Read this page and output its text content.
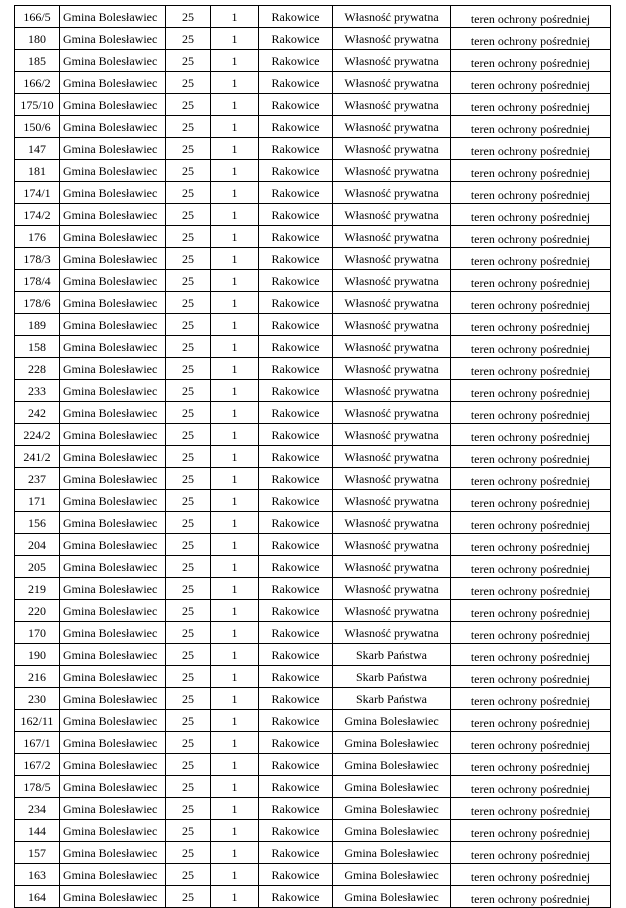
166/5	Gmina Bolesławiec	25	1	Rakowice	Własność prywatna	teren ochrony pośredniej
180	Gmina Bolesławiec	25	1	Rakowice	Własność prywatna	teren ochrony pośredniej
185	Gmina Bolesławiec	25	1	Rakowice	Własność prywatna	teren ochrony pośredniej
166/2	Gmina Bolesławiec	25	1	Rakowice	Własność prywatna	teren ochrony pośredniej
175/10	Gmina Bolesławiec	25	1	Rakowice	Własność prywatna	teren ochrony pośredniej
150/6	Gmina Bolesławiec	25	1	Rakowice	Własność prywatna	teren ochrony pośredniej
147	Gmina Bolesławiec	25	1	Rakowice	Własność prywatna	teren ochrony pośredniej
181	Gmina Bolesławiec	25	1	Rakowice	Własność prywatna	teren ochrony pośredniej
174/1	Gmina Bolesławiec	25	1	Rakowice	Własność prywatna	teren ochrony pośredniej
174/2	Gmina Bolesławiec	25	1	Rakowice	Własność prywatna	teren ochrony pośredniej
176	Gmina Bolesławiec	25	1	Rakowice	Własność prywatna	teren ochrony pośredniej
178/3	Gmina Bolesławiec	25	1	Rakowice	Własność prywatna	teren ochrony pośredniej
178/4	Gmina Bolesławiec	25	1	Rakowice	Własność prywatna	teren ochrony pośredniej
178/6	Gmina Bolesławiec	25	1	Rakowice	Własność prywatna	teren ochrony pośredniej
189	Gmina Bolesławiec	25	1	Rakowice	Własność prywatna	teren ochrony pośredniej
158	Gmina Bolesławiec	25	1	Rakowice	Własność prywatna	teren ochrony pośredniej
228	Gmina Bolesławiec	25	1	Rakowice	Własność prywatna	teren ochrony pośredniej
233	Gmina Bolesławiec	25	1	Rakowice	Własność prywatna	teren ochrony pośredniej
242	Gmina Bolesławiec	25	1	Rakowice	Własność prywatna	teren ochrony pośredniej
224/2	Gmina Bolesławiec	25	1	Rakowice	Własność prywatna	teren ochrony pośredniej
241/2	Gmina Bolesławiec	25	1	Rakowice	Własność prywatna	teren ochrony pośredniej
237	Gmina Bolesławiec	25	1	Rakowice	Własność prywatna	teren ochrony pośredniej
171	Gmina Bolesławiec	25	1	Rakowice	Własność prywatna	teren ochrony pośredniej
156	Gmina Bolesławiec	25	1	Rakowice	Własność prywatna	teren ochrony pośredniej
204	Gmina Bolesławiec	25	1	Rakowice	Własność prywatna	teren ochrony pośredniej
205	Gmina Bolesławiec	25	1	Rakowice	Własność prywatna	teren ochrony pośredniej
219	Gmina Bolesławiec	25	1	Rakowice	Własność prywatna	teren ochrony pośredniej
220	Gmina Bolesławiec	25	1	Rakowice	Własność prywatna	teren ochrony pośredniej
170	Gmina Bolesławiec	25	1	Rakowice	Własność prywatna	teren ochrony pośredniej
190	Gmina Bolesławiec	25	1	Rakowice	Skarb Państwa	teren ochrony pośredniej
216	Gmina Bolesławiec	25	1	Rakowice	Skarb Państwa	teren ochrony pośredniej
230	Gmina Bolesławiec	25	1	Rakowice	Skarb Państwa	teren ochrony pośredniej
162/11	Gmina Bolesławiec	25	1	Rakowice	Gmina Bolesławiec	teren ochrony pośredniej
167/1	Gmina Bolesławiec	25	1	Rakowice	Gmina Bolesławiec	teren ochrony pośredniej
167/2	Gmina Bolesławiec	25	1	Rakowice	Gmina Bolesławiec	teren ochrony pośredniej
178/5	Gmina Bolesławiec	25	1	Rakowice	Gmina Bolesławiec	teren ochrony pośredniej
234	Gmina Bolesławiec	25	1	Rakowice	Gmina Bolesławiec	teren ochrony pośredniej
144	Gmina Bolesławiec	25	1	Rakowice	Gmina Bolesławiec	teren ochrony pośredniej
157	Gmina Bolesławiec	25	1	Rakowice	Gmina Bolesławiec	teren ochrony pośredniej
163	Gmina Bolesławiec	25	1	Rakowice	Gmina Bolesławiec	teren ochrony pośredniej
164	Gmina Bolesławiec	25	1	Rakowice	Gmina Bolesławiec	teren ochrony pośredniej
